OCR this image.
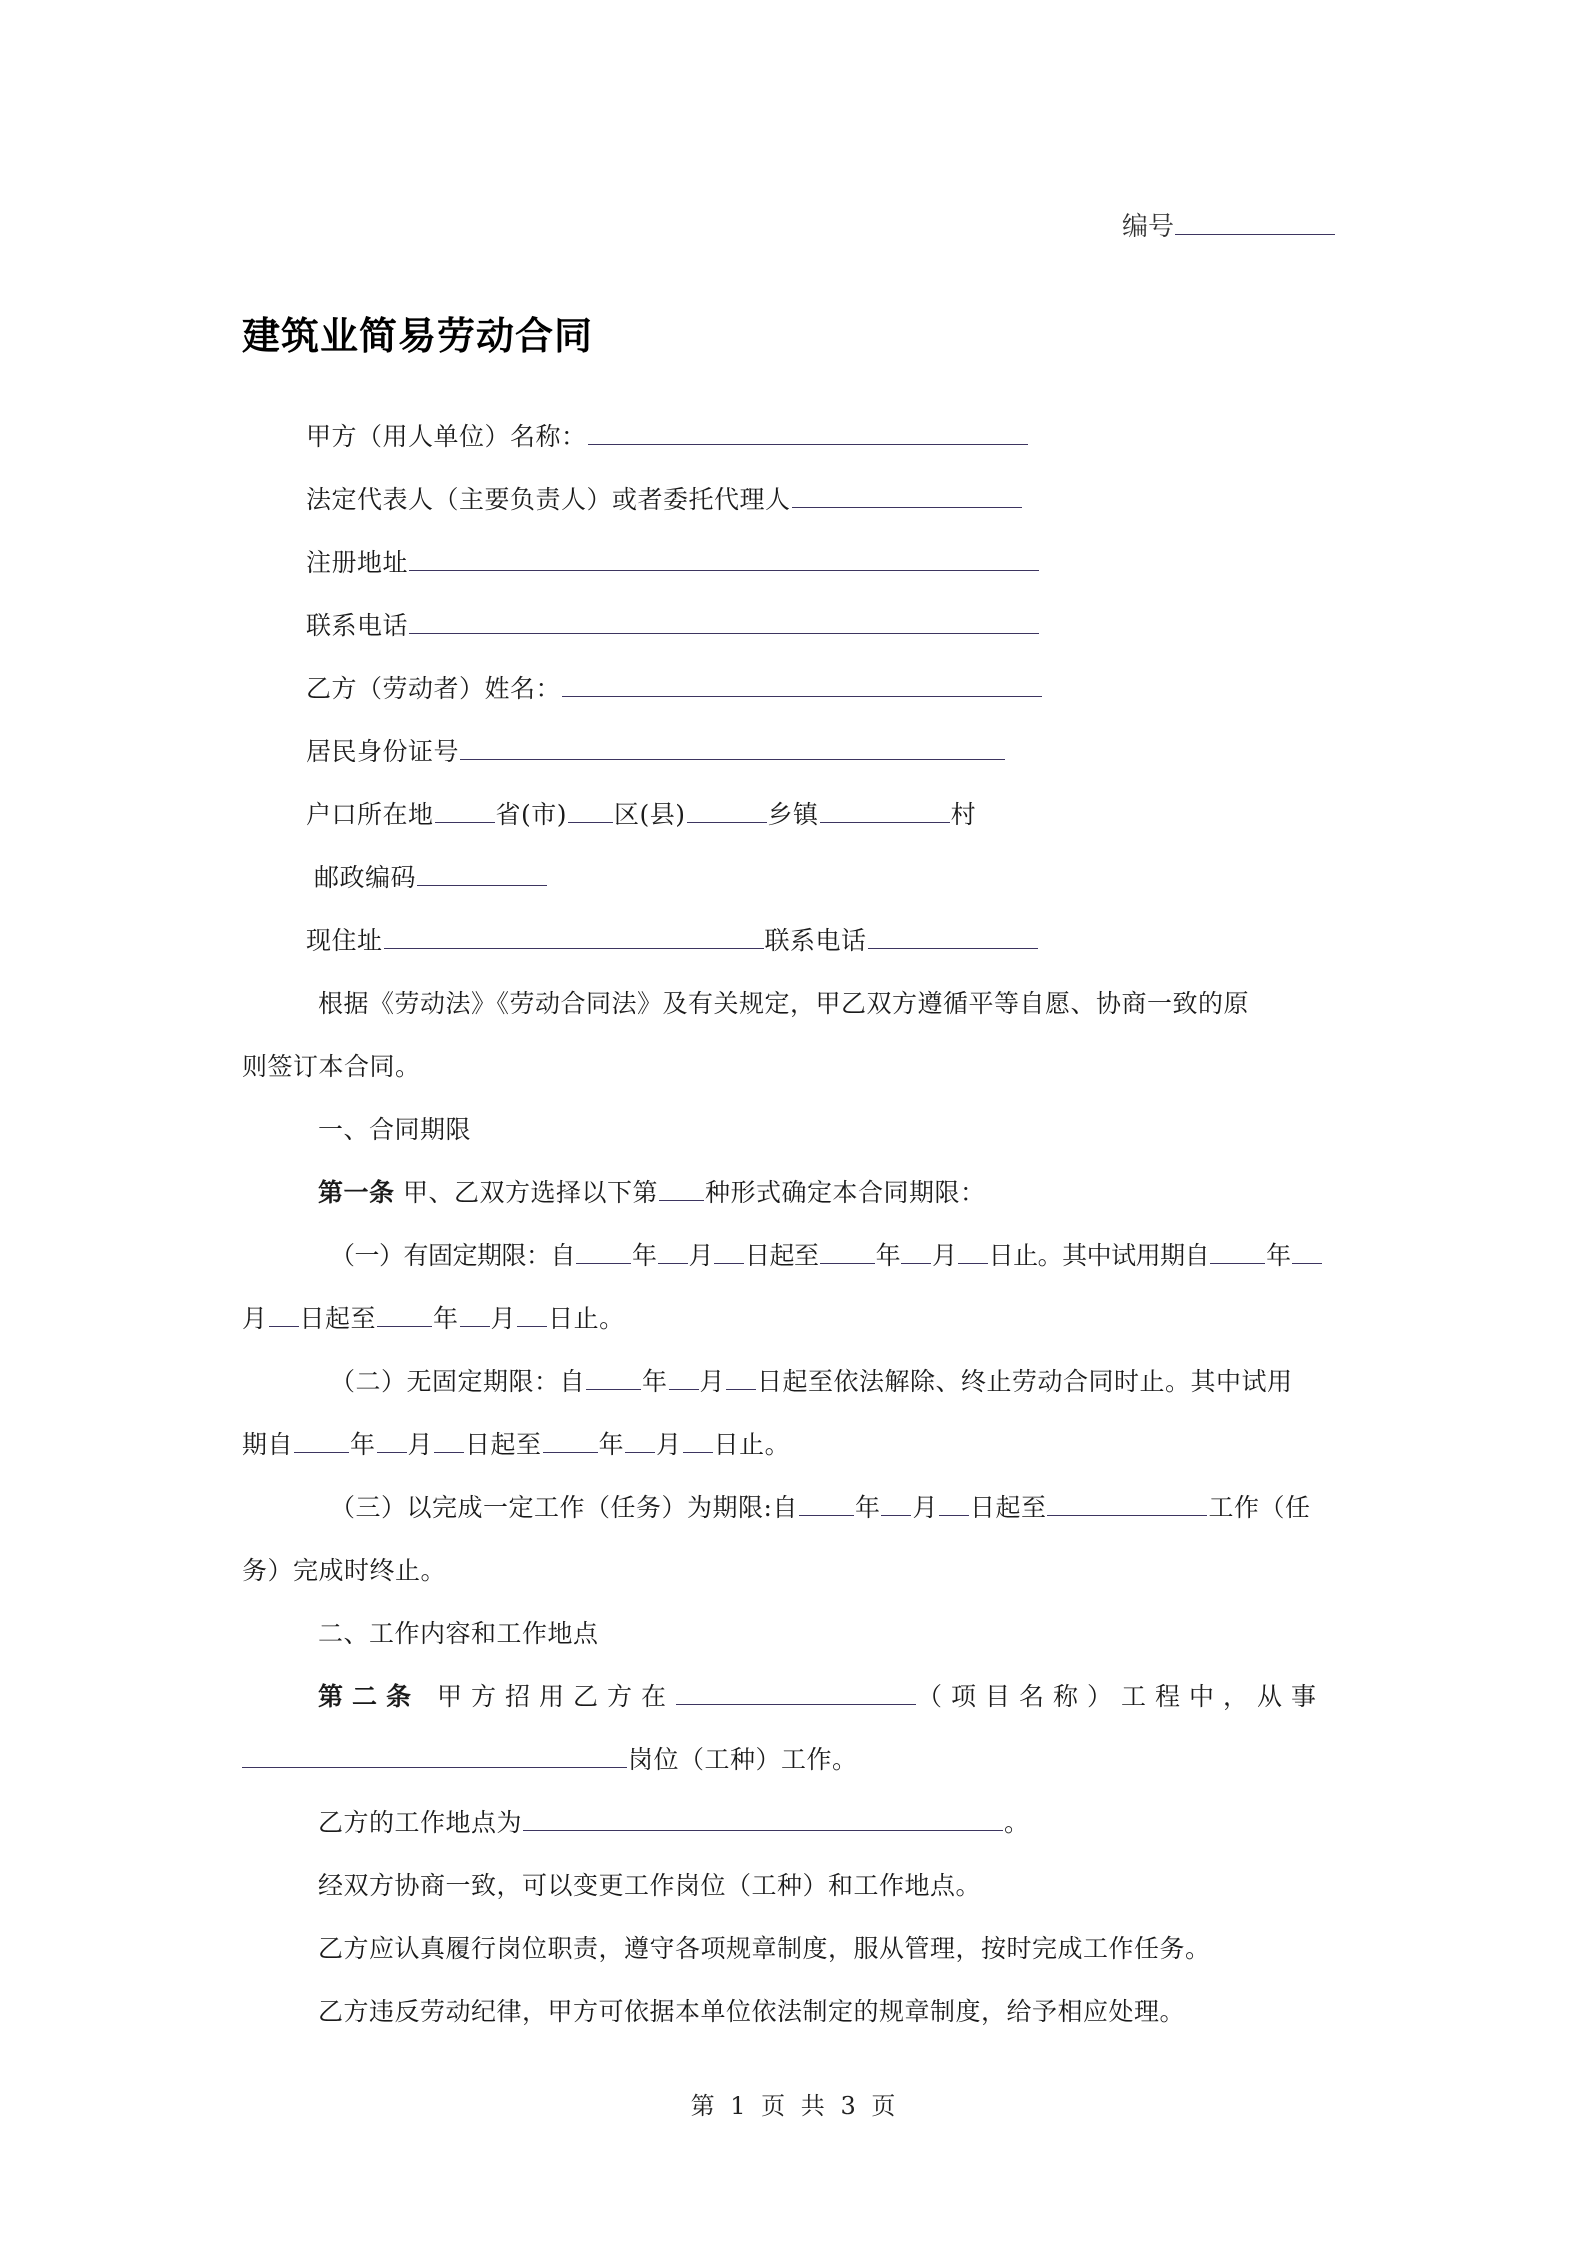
编号
建筑业简易劳动合同
甲方（用人单位）名称：
法定代表人（主要负责人）或者委托代理人
注册地址
联系电话
乙方（劳动者）姓名：
居民身份证号
户口所在地 省(市) 区(县)	乡镇	村
邮政编码
现住址	联系电话
根据《劳动法》《劳动合同法》及有关规定，甲乙双方遵循平等自愿、协商一致的原
则签订本合同。
一、合同期限
第一条 甲、乙双方选择以下第 种形式确定本合同期限：
（一）有固定期限：自 年 月 日起至 年 月 日止。其中试用期自 年
月 日起至 年 月 日止。
（二）无固定期限：自 年 月 日起至依法解除、终止劳动合同时止。其中试用
期自 年 月 日起至 年 月 日止。
（三）以完成一定工作（任务）为期限:自 年 月 日起至	工作（任
务）完成时终止。
二、工作内容和工作地点
第二条 甲方招用乙方在	（项目名称）工程中，从事
岗位（工种）工作。
乙方的工作地点为	。
经双方协商一致，可以变更工作岗位（工种）和工作地点。
乙方应认真履行岗位职责，遵守各项规章制度，服从管理，按时完成工作任务。
乙方违反劳动纪律，甲方可依据本单位依法制定的规章制度，给予相应处理。
第 1 页 共 3 页
